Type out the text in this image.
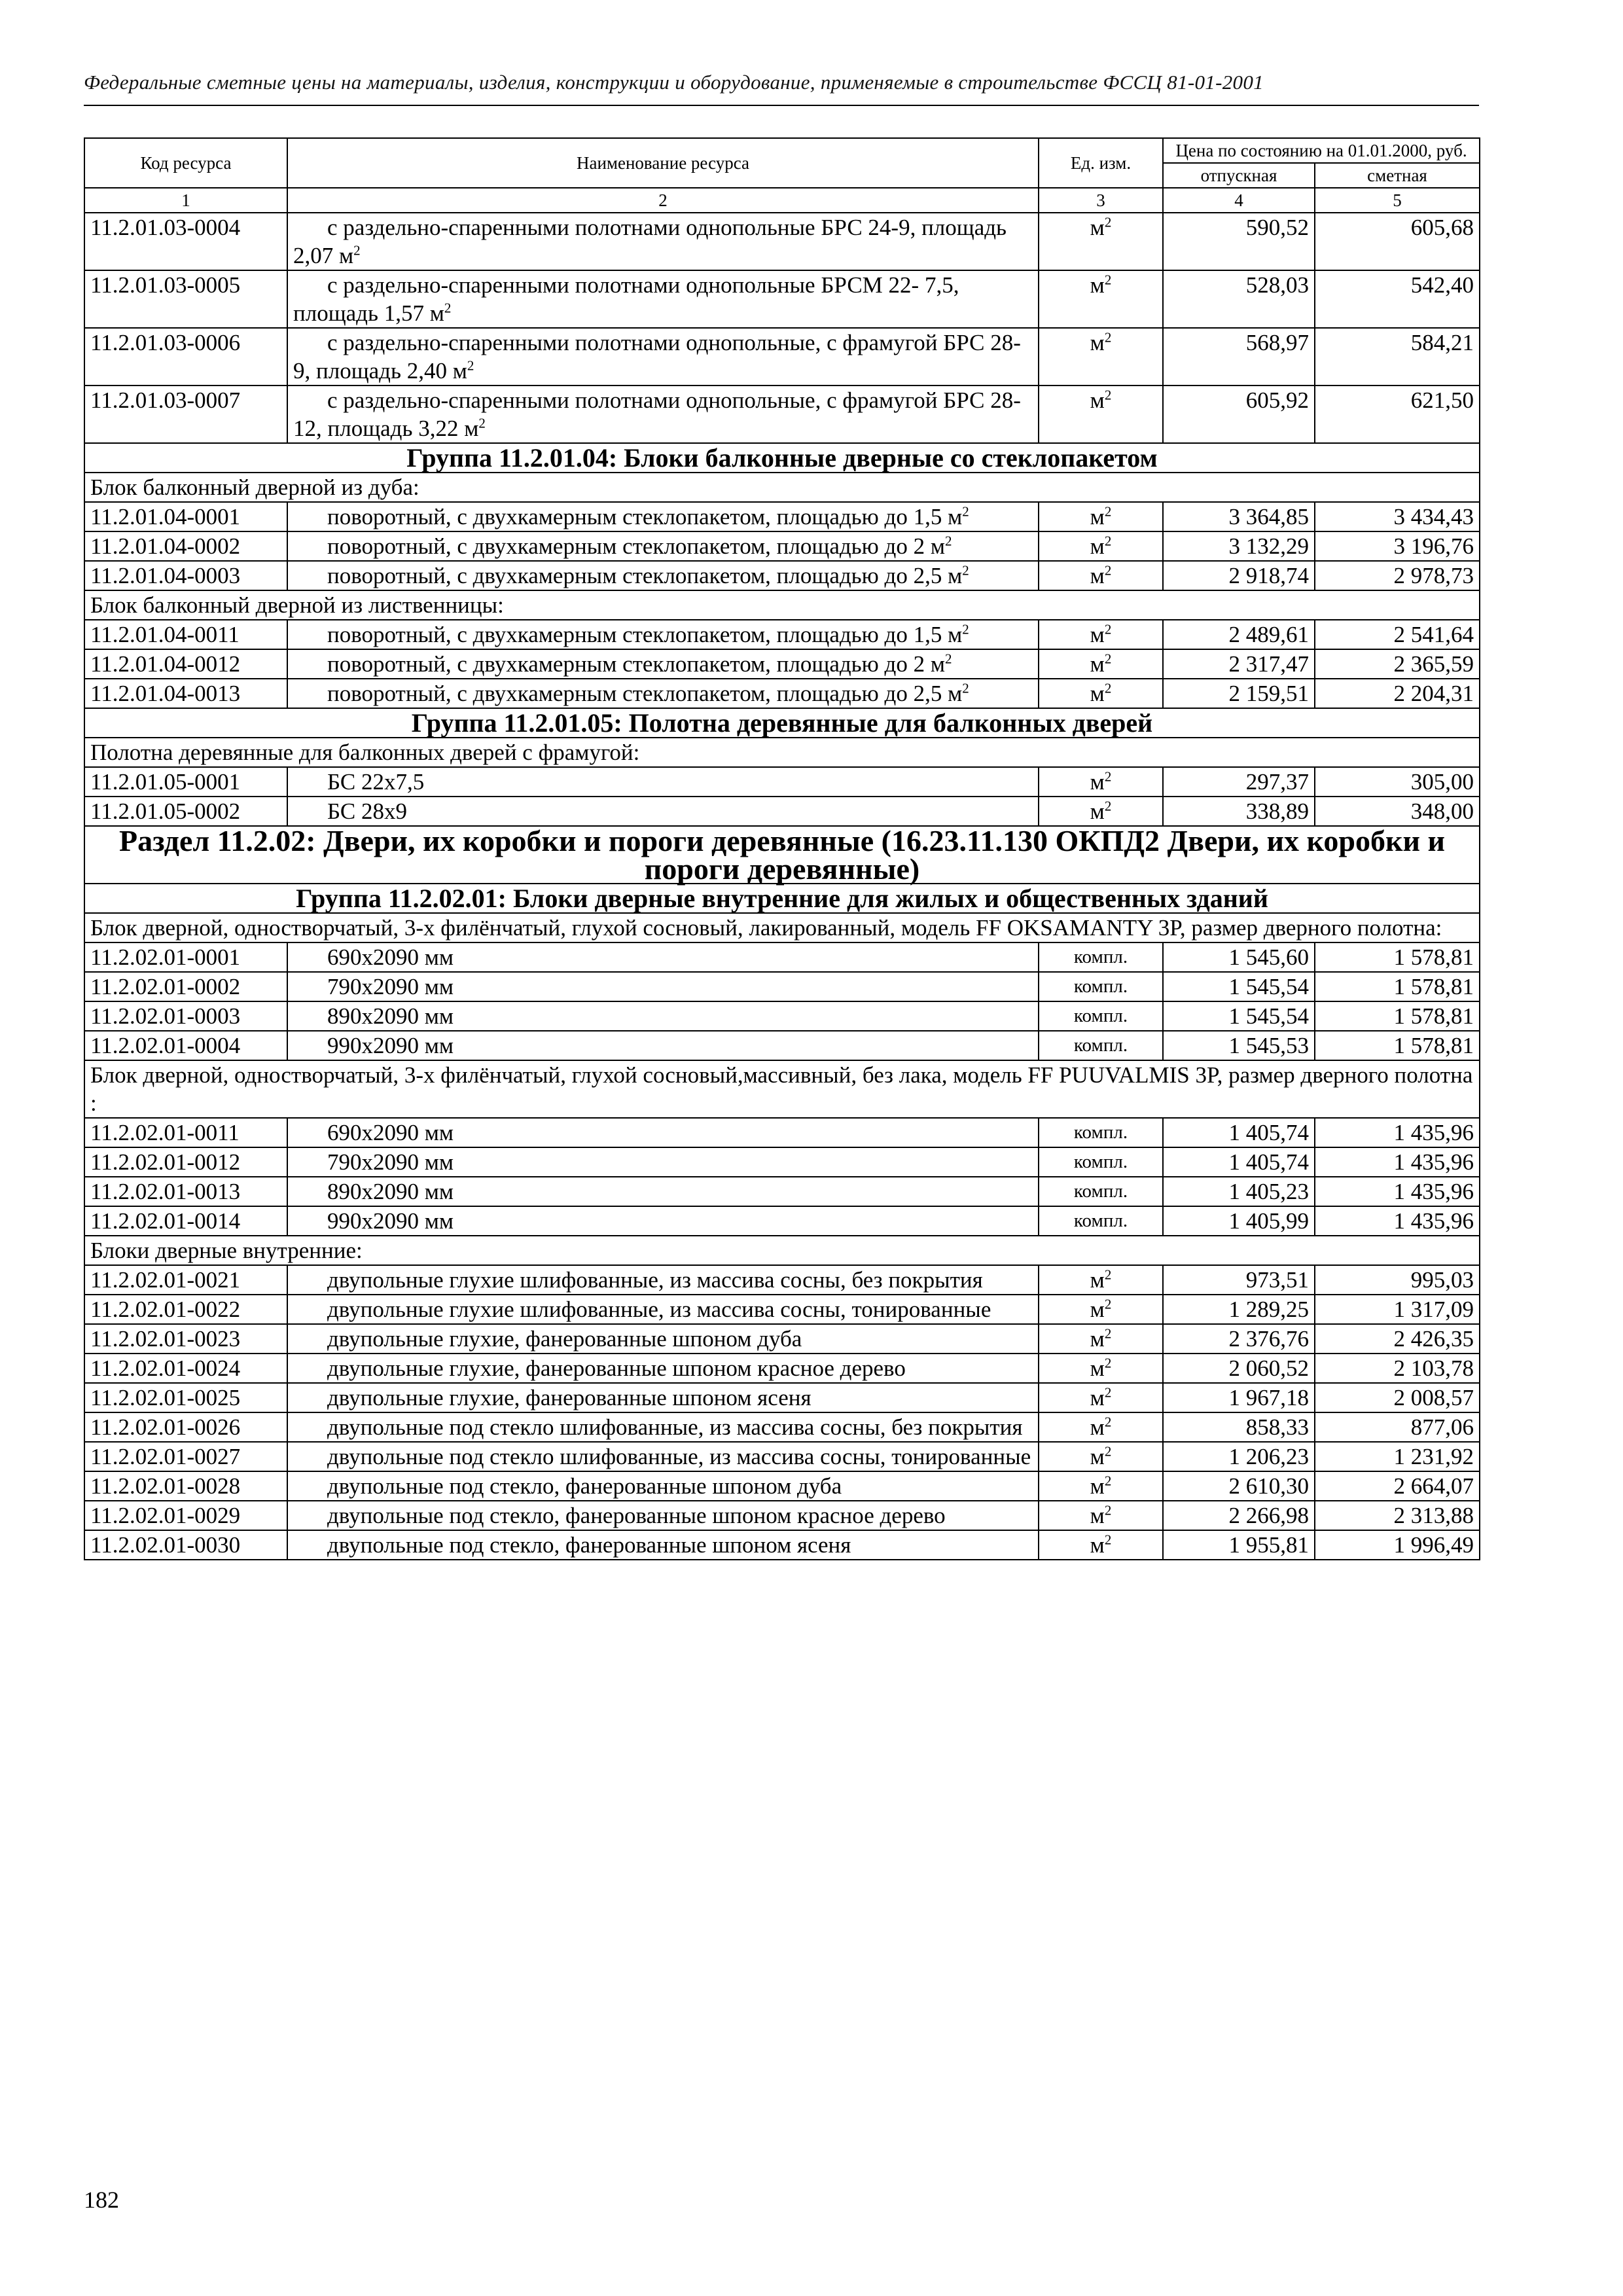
Федеральные сметные цены на материалы, изделия, конструкции и оборудование, применяемые в строительстве ФССЦ 81-01-2001
Код ресурса	Наименование ресурса	Ед. изм.	Цена по состоянию на 01.01.2000, руб.	
			отпускная	сметная
1	2	3	4	5
11.2.01.03-0004	с раздельно-спаренными полотнами однопольные БРС 24-9, площадь 2,07 $м^2$	$м^2$	590,52	605,68
11.2.01.03-0005	с раздельно-спаренными полотнами однопольные БРСМ 22- 7,5, площадь 1,57 $м^2$	$м^2$	528,03	542,40
11.2.01.03-0006	с раздельно-спаренными полотнами однопольные, с фрамугой БРС 28-9, площадь 2,40 $м^2$	$м^2$	568,97	584,21
11.2.01.03-0007	с раздельно-спаренными полотнами однопольные, с фрамугой БРС 28-12, площадь 3,22 $м^2$	$м^2$	605,92	621,50
Группа 11.2.01.04: Блоки балконные дверные со стеклопакетом				
Блок балконный дверной из дуба:				
11.2.01.04-0001	поворотный, с двухкамерным стеклопакетом, площадью до 1,5 $м^2$	$м^2$	3 364,85	3 434,43
11.2.01.04-0002	поворотный, с двухкамерным стеклопакетом, площадью до 2 $м^2$	$м^2$	3 132,29	3 196,76
11.2.01.04-0003	поворотный, с двухкамерным стеклопакетом, площадью до 2,5 $м^2$	$м^2$	2 918,74	2 978,73
Блок балконный дверной из лиственницы:				
11.2.01.04-0011	поворотный, с двухкамерным стеклопакетом, площадью до 1,5 $м^2$	$м^2$	2 489,61	2 541,64
11.2.01.04-0012	поворотный, с двухкамерным стеклопакетом, площадью до 2 $м^2$	$м^2$	2 317,47	2 365,59
11.2.01.04-0013	поворотный, с двухкамерным стеклопакетом, площадью до 2,5 $м^2$	$м^2$	2 159,51	2 204,31
Группа 11.2.01.05: Полотна деревянные для балконных дверей				
Полотна деревянные для балконных дверей с фрамугой:				
11.2.01.05-0001	БС 22х7,5	$м^2$	297,37	305,00
11.2.01.05-0002	БС 28х9	$м^2$	338,89	348,00
Раздел 11.2.02: Двери, их коробки и пороги деревянные (16.23.11.130 ОКПД2 Двери, их коробки и пороги деревянные)				
Группа 11.2.02.01: Блоки дверные внутренние для жилых и общественных зданий				
Блок дверной, одностворчатый, 3-х филёнчатый, глухой сосновый, лакированный, модель FF OKSAMANTY 3P, размер дверного полотна:				
11.2.02.01-0001	690х2090 мм	компл.	1 545,60	1 578,81
11.2.02.01-0002	790х2090 мм	компл.	1 545,54	1 578,81
11.2.02.01-0003	890х2090 мм	компл.	1 545,54	1 578,81
11.2.02.01-0004	990х2090 мм	компл.	1 545,53	1 578,81
Блок дверной, одностворчатый, 3-х филёнчатый, глухой сосновый,массивный, без лака, модель FF PUUVALMIS 3P, размер дверного полотна :				
11.2.02.01-0011	690х2090 мм	компл.	1 405,74	1 435,96
11.2.02.01-0012	790х2090 мм	компл.	1 405,74	1 435,96
11.2.02.01-0013	890х2090 мм	компл.	1 405,23	1 435,96
11.2.02.01-0014	990х2090 мм	компл.	1 405,99	1 435,96
Блоки дверные внутренние:				
11.2.02.01-0021	двупольные глухие шлифованные, из массива сосны, без покрытия	$м^2$	973,51	995,03
11.2.02.01-0022	двупольные глухие шлифованные, из массива сосны, тонированные	$м^2$	1 289,25	1 317,09
11.2.02.01-0023	двупольные глухие, фанерованные шпоном дуба	$м^2$	2 376,76	2 426,35
11.2.02.01-0024	двупольные глухие, фанерованные шпоном красное дерево	$м^2$	2 060,52	2 103,78
11.2.02.01-0025	двупольные глухие, фанерованные шпоном ясеня	$м^2$	1 967,18	2 008,57
11.2.02.01-0026	двупольные под стекло шлифованные, из массива сосны, без покрытия	$м^2$	858,33	877,06
11.2.02.01-0027	двупольные под стекло шлифованные, из массива сосны, тонированные	$м^2$	1 206,23	1 231,92
11.2.02.01-0028	двупольные под стекло, фанерованные шпоном дуба	$м^2$	2 610,30	2 664,07
11.2.02.01-0029	двупольные под стекло, фанерованные шпоном красное дерево	$м^2$	2 266,98	2 313,88
11.2.02.01-0030	двупольные под стекло, фанерованные шпоном ясеня	$м^2$	1 955,81	1 996,49
182
